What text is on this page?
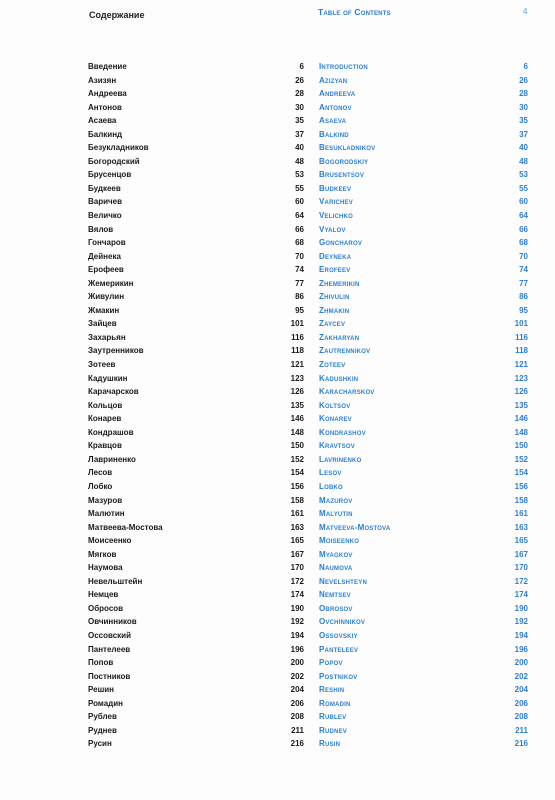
Содержание	Table of Contents	4
Введение	6
Азизян	26
Андреева	28
Антонов	30
Асаева	35
Балкинд	37
Безукладников	40
Богородский	48
Брусенцов	53
Будкеев	55
Варичев	60
Величко	64
Вялов	66
Гончаров	68
Дейнека	70
Ерофеев	74
Жемерикин	77
Живулин	86
Жмакин	95
Зайцев	101
Захарьян	116
Заутренников	118
Зотеев	121
Кадушкин	123
Карачарсков	126
Кольцов	135
Конарев	146
Кондрашов	148
Кравцов	150
Лавриненко	152
Лесов	154
Лобко	156
Мазуров	158
Малютин	161
Матвеева-Мостова	163
Моисеенко	165
Мягков	167
Наумова	170
Невельштейн	172
Немцев	174
Обросов	190
Овчинников	192
Оссовский	194
Пантелеев	196
Попов	200
Постников	202
Решин	204
Ромадин	206
Рублев	208
Руднев	211
Русин	216
Introduction	6
Azizyan	26
Andreeva	28
Antonov	30
Asaeva	35
Balkind	37
Besukladnikov	40
Bogorodskiy	48
Brusentsov	53
Budkeev	55
Varichev	60
Velichko	64
Vyalov	66
Goncharov	68
Deyneka	70
Erofeev	74
Zhemerikin	77
Zhivulin	86
Zhmakin	95
Zaycev	101
Zakharyan	116
Zautrennikov	118
Zoteev	121
Kadushkin	123
Karacharskov	126
Koltsov	135
Konarev	146
Kondrashov	148
Kravtsov	150
Lavrinenko	152
Lesov	154
Lobko	156
Mazurov	158
Malyutin	161
Matveeva-Mostova	163
Moiseenko	165
Myagkov	167
Naumova	170
Nevelshteyn	172
Nemtsev	174
Obrosov	190
Ovchinnikov	192
Ossovskiy	194
Panteleev	196
Popov	200
Postnikov	202
Reshin	204
Romadin	206
Rublev	208
Rudnev	211
Rusin	216
